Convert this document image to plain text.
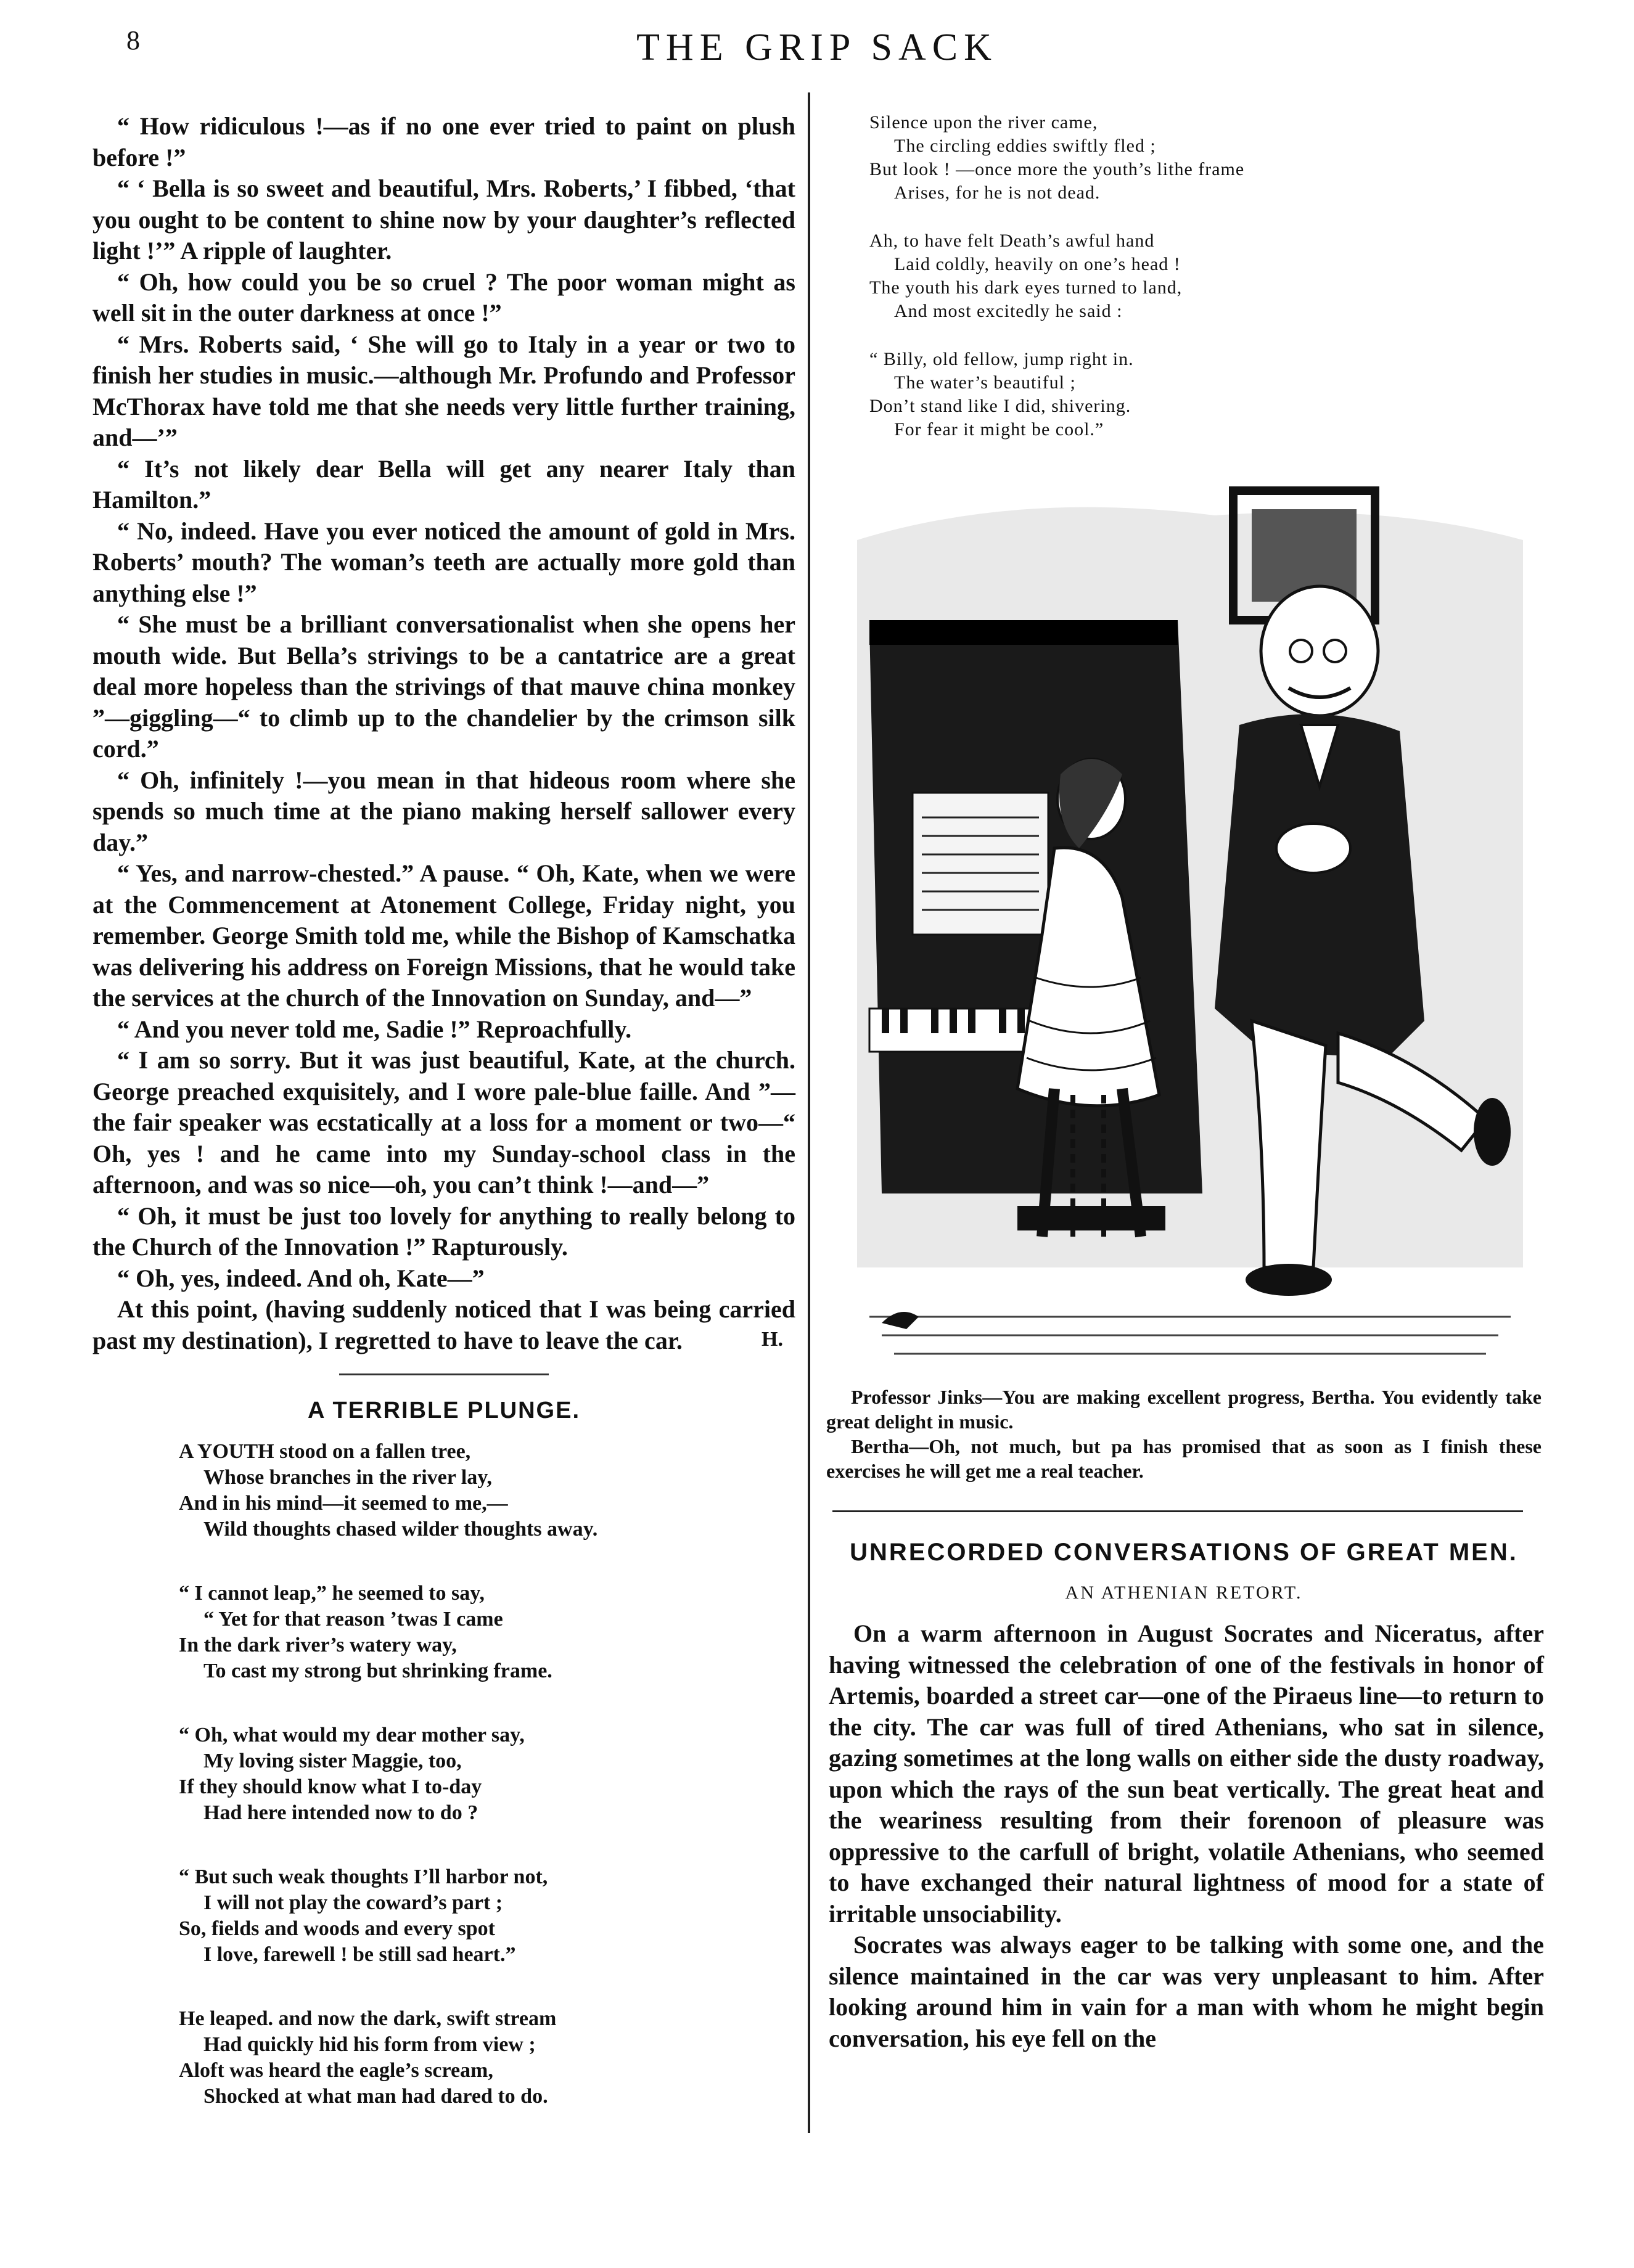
8	THE GRIP SACK

“ How ridiculous !—as if no one ever tried to paint on plush before !”

“ ‘ Bella is so sweet and beautiful, Mrs. Roberts,’ I fibbed, ‘that you ought to be content to shine now by your daughter’s reflected light !’” A ripple of laughter.

“ Oh, how could you be so cruel ? The poor woman might as well sit in the outer darkness at once !”

“ Mrs. Roberts said, ‘ She will go to Italy in a year or two to finish her studies in music.—although Mr. Profundo and Professor McThorax have told me that she needs very little further training, and—’”

“ It’s not likely dear Bella will get any nearer Italy than Hamilton.”

“ No, indeed. Have you ever noticed the amount of gold in Mrs. Roberts’ mouth? The woman’s teeth are actually more gold than anything else !”

“ She must be a brilliant conversationalist when she opens her mouth wide. But Bella’s strivings to be a cantatrice are a great deal more hopeless than the strivings of that mauve china monkey ”—giggling—“ to climb up to the chandelier by the crimson silk cord.”

“ Oh, infinitely !—you mean in that hideous room where she spends so much time at the piano making herself sallower every day.”

“ Yes, and narrow-chested.” A pause. “ Oh, Kate, when we were at the Commencement at Atonement College, Friday night, you remember. George Smith told me, while the Bishop of Kamschatka was delivering his address on Foreign Missions, that he would take the services at the church of the Innovation on Sunday, and—”

“ And you never told me, Sadie !” Reproachfully.

“ I am so sorry. But it was just beautiful, Kate, at the church. George preached exquisitely, and I wore pale-blue faille. And ”—the fair speaker was ecstatically at a loss for a moment or two—“ Oh, yes ! and he came into my Sunday-school class in the afternoon, and was so nice—oh, you can’t think !—and—”

“ Oh, it must be just too lovely for anything to really belong to the Church of the Innovation !” Rapturously.

“ Oh, yes, indeed. And oh, Kate—”

At this point, (having suddenly noticed that I was being carried past my destination), I regretted to have to leave the car.	H.

A TERRIBLE PLUNGE.
A YOUTH stood on a fallen tree,
Whose branches in the river lay,
And in his mind—it seemed to me,—
Wild thoughts chased wilder thoughts away.
“ I cannot leap,” he seemed to say,
“ Yet for that reason ’twas I came
In the dark river’s watery way,
To cast my strong but shrinking frame.
“ Oh, what would my dear mother say,
My loving sister Maggie, too,
If they should know what I to-day
Had here intended now to do ?
“ But such weak thoughts I’ll harbor not,
I will not play the coward’s part ;
So, fields and woods and every spot
I love, farewell ! be still sad heart.”
He leaped. and now the dark, swift stream
Had quickly hid his form from view ;
Aloft was heard the eagle’s scream,
Shocked at what man had dared to do.
Silence upon the river came,
The circling eddies swiftly fled ;
But look ! —once more the youth’s lithe frame
Arises, for he is not dead.
Ah, to have felt Death’s awful hand
Laid coldly, heavily on one’s head !
The youth his dark eyes turned to land,
And most excitedly he said :
“ Billy, old fellow, jump right in.
The water’s beautiful ;
Don’t stand like I did, shivering.
For fear it might be cool.”

Professor Jinks—You are making excellent progress, Bertha. You evidently take great delight in music.

Bertha—Oh, not much, but pa has promised that as soon as I finish these exercises he will get me a real teacher.

UNRECORDED CONVERSATIONS OF GREAT MEN.
AN ATHENIAN RETORT.

On a warm afternoon in August Socrates and Niceratus, after having witnessed the celebration of one of the festivals in honor of Artemis, boarded a street car—one of the Piraeus line—to return to the city. The car was full of tired Athenians, who sat in silence, gazing sometimes at the long walls on either side the dusty roadway, upon which the rays of the sun beat vertically. The great heat and the weariness resulting from their forenoon of pleasure was oppressive to the carfull of bright, volatile Athenians, who seemed to have exchanged their natural lightness of mood for a state of irritable unsociability.

Socrates was always eager to be talking with some one, and the silence maintained in the car was very unpleasant to him. After looking around him in vain for a man with whom he might begin conversation, his eye fell on the
